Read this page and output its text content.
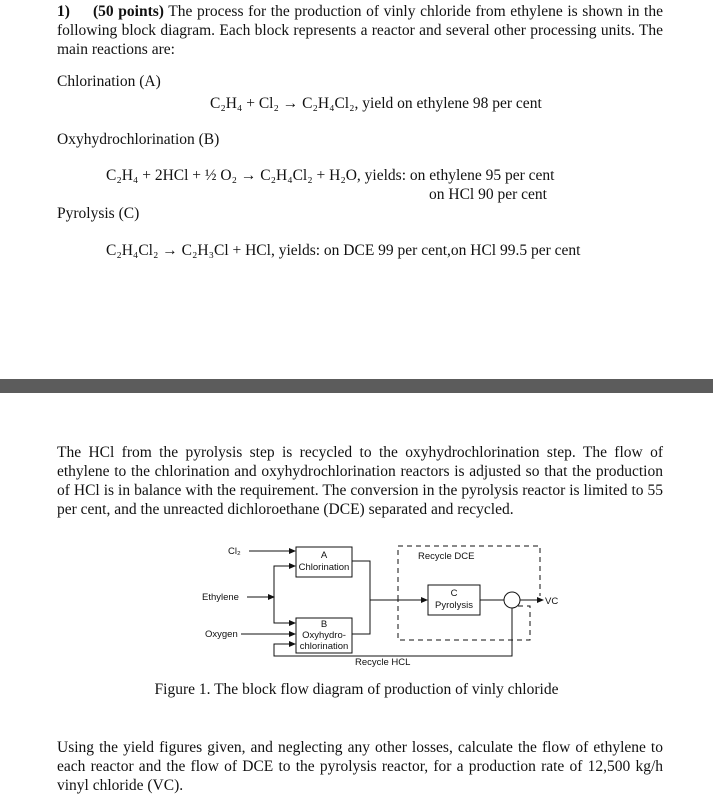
1) (50 points) The process for the production of vinly chloride from ethylene is shown in the following block diagram. Each block represents a reactor and several other processing units. The main reactions are:

Chlorination (A)

C₂H₄ + Cl₂ → C₂H₄Cl₂, yield on ethylene 98 per cent

Oxyhydrochlorination (B)

C₂H₄ + 2HCl + ½ O₂ → C₂H₄Cl₂ + H₂O, yields: on ethylene 95 per cent

on HCl 90 per cent

Pyrolysis (C)

C₂H₄Cl₂ → C₂H₃Cl + HCl, yields: on DCE 99 per cent,on HCl 99.5 per cent

The HCl from the pyrolysis step is recycled to the oxyhydrochlorination step. The flow of ethylene to the chlorination and oxyhydrochlorination reactors is adjusted so that the production of HCl is in balance with the requirement. The conversion in the pyrolysis reactor is limited to 55 per cent, and the unreacted dichloroethane (DCE) separated and recycled.

Cl₂
Ethylene
Oxygen
A
Chlorination
B
Oxyhydro-
chlorination
C
Pyrolysis
Recycle DCE
Recycle HCL
VC
Figure 1. The block flow diagram of production of vinly chloride

Using the yield figures given, and neglecting any other losses, calculate the flow of ethylene to each reactor and the flow of DCE to the pyrolysis reactor, for a production rate of 12,500 kg/h vinyl chloride (VC).
